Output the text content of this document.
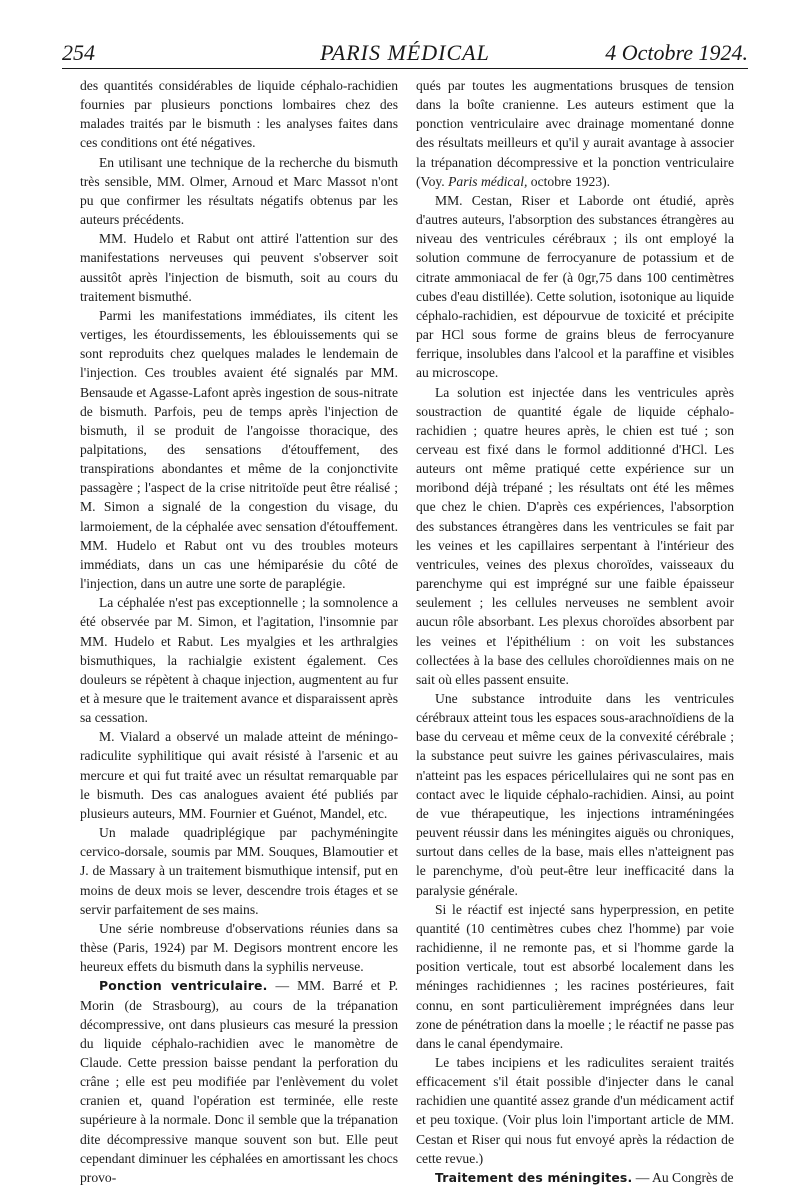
254	PARIS MÉDICAL	4 Octobre 1924.

des quantités considérables de liquide céphalo-rachidien fournies par plusieurs ponctions lombaires chez des malades traités par le bismuth : les analyses faites dans ces conditions ont été négatives.

En utilisant une technique de la recherche du bismuth très sensible, MM. Olmer, Arnoud et Marc Massot n'ont pu que confirmer les résultats négatifs obtenus par les auteurs précédents.

MM. Hudelo et Rabut ont attiré l'attention sur des manifestations nerveuses qui peuvent s'observer soit aussitôt après l'injection de bismuth, soit au cours du traitement bismuthé.

Parmi les manifestations immédiates, ils citent les vertiges, les étourdissements, les éblouissements qui se sont reproduits chez quelques malades le lendemain de l'injection. Ces troubles avaient été signalés par MM. Bensaude et Agasse-Lafont après ingestion de sous-nitrate de bismuth. Parfois, peu de temps après l'injection de bismuth, il se produit de l'angoisse thoracique, des palpitations, des sensations d'étouffement, des transpirations abondantes et même de la conjonctivite passagère ; l'aspect de la crise nitritoïde peut être réalisé ; M. Simon a signalé de la congestion du visage, du larmoiement, de la céphalée avec sensation d'étouffement. MM. Hudelo et Rabut ont vu des troubles moteurs immédiats, dans un cas une hémiparésie du côté de l'injection, dans un autre une sorte de paraplégie.

La céphalée n'est pas exceptionnelle ; la somnolence a été observée par M. Simon, et l'agitation, l'insomnie par MM. Hudelo et Rabut. Les myalgies et les arthralgies bismuthiques, la rachialgie existent également. Ces douleurs se répètent à chaque injection, augmentent au fur et à mesure que le traitement avance et disparaissent après sa cessation.

M. Vialard a observé un malade atteint de méningo-radiculite syphilitique qui avait résisté à l'arsenic et au mercure et qui fut traité avec un résultat remarquable par le bismuth. Des cas analogues avaient été publiés par plusieurs auteurs, MM. Fournier et Guénot, Mandel, etc.

Un malade quadriplégique par pachyméningite cervico-dorsale, soumis par MM. Souques, Blamoutier et J. de Massary à un traitement bismuthique intensif, put en moins de deux mois se lever, descendre trois étages et se servir parfaitement de ses mains.

Une série nombreuse d'observations réunies dans sa thèse (Paris, 1924) par M. Degisors montrent encore les heureux effets du bismuth dans la syphilis nerveuse.

Ponction ventriculaire. — MM. Barré et P. Morin (de Strasbourg), au cours de la trépanation décompressive, ont dans plusieurs cas mesuré la pression du liquide céphalo-rachidien avec le manomètre de Claude. Cette pression baisse pendant la perforation du crâne ; elle est peu modifiée par l'enlèvement du volet cranien et, quand l'opération est terminée, elle reste supérieure à la normale. Donc il semble que la trépanation dite décompressive manque souvent son but. Elle peut cependant diminuer les céphalées en amortissant les chocs provo-

qués par toutes les augmentations brusques de tension dans la boîte cranienne. Les auteurs estiment que la ponction ventriculaire avec drainage momentané donne des résultats meilleurs et qu'il y aurait avantage à associer la trépanation décompressive et la ponction ventriculaire (Voy. Paris médical, octobre 1923).

MM. Cestan, Riser et Laborde ont étudié, après d'autres auteurs, l'absorption des substances étrangères au niveau des ventricules cérébraux ; ils ont employé la solution commune de ferrocyanure de potassium et de citrate ammoniacal de fer (à 0gr,75 dans 100 centimètres cubes d'eau distillée). Cette solution, isotonique au liquide céphalo-rachidien, est dépourvue de toxicité et précipite par HCl sous forme de grains bleus de ferrocyanure ferrique, insolubles dans l'alcool et la paraffine et visibles au microscope.

La solution est injectée dans les ventricules après soustraction de quantité égale de liquide céphalo-rachidien ; quatre heures après, le chien est tué ; son cerveau est fixé dans le formol additionné d'HCl. Les auteurs ont même pratiqué cette expérience sur un moribond déjà trépané ; les résultats ont été les mêmes que chez le chien. D'après ces expériences, l'absorption des substances étrangères dans les ventricules se fait par les veines et les capillaires serpentant à l'intérieur des ventricules, veines des plexus choroïdes, vaisseaux du parenchyme qui est imprégné sur une faible épaisseur seulement ; les cellules nerveuses ne semblent avoir aucun rôle absorbant. Les plexus choroïdes absorbent par les veines et l'épithélium : on voit les substances collectées à la base des cellules choroïdiennes mais on ne sait où elles passent ensuite.

Une substance introduite dans les ventricules cérébraux atteint tous les espaces sous-arachnoïdiens de la base du cerveau et même ceux de la convexité cérébrale ; la substance peut suivre les gaines périvasculaires, mais n'atteint pas les espaces péricellulaires qui ne sont pas en contact avec le liquide céphalo-rachidien. Ainsi, au point de vue thérapeutique, les injections intraméningées peuvent réussir dans les méningites aiguës ou chroniques, surtout dans celles de la base, mais elles n'atteignent pas le parenchyme, d'où peut-être leur inefficacité dans la paralysie générale.

Si le réactif est injecté sans hyperpression, en petite quantité (10 centimètres cubes chez l'homme) par voie rachidienne, il ne remonte pas, et si l'homme garde la position verticale, tout est absorbé localement dans les méninges rachidiennes ; les racines postérieures, fait connu, en sont particulièrement imprégnées dans leur zone de pénétration dans la moelle ; le réactif ne passe pas dans le canal épendymaire.

Le tabes incipiens et les radiculites seraient traités efficacement s'il était possible d'injecter dans le canal rachidien une quantité assez grande d'un médicament actif et peu toxique. (Voir plus loin l'important article de MM. Cestan et Riser qui nous fut envoyé après la rédaction de cette revue.)

Traitement des méningites. — Au Congrès de
